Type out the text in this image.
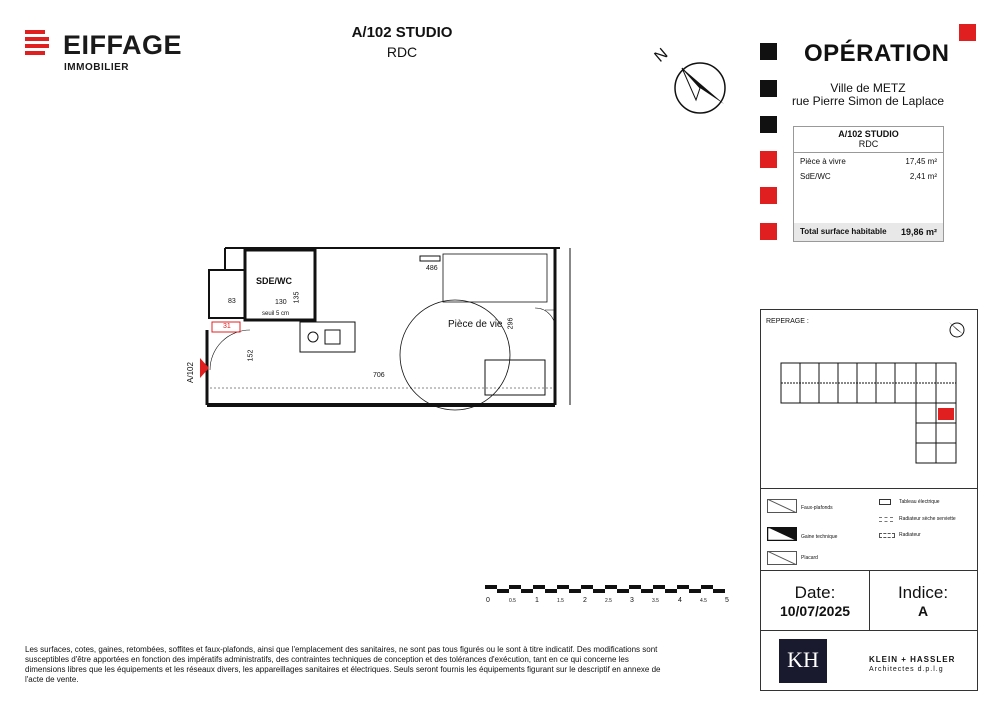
EIFFAGE
IMMOBILIER
A/102 STUDIO
RDC	N	OPÉRATION
Ville de METZ
rue Pierre Simon de Laplace
A/102 STUDIO
RDC
Pièce à vivre	17,45 m²
SdE/WC	2,41 m²
Total surface habitable 19,86 m²
Pièce de vie
SDE/WC
486
706
296
130 135
83
152
seuil 5 cm
A/102
31
0	0.5	1	1.5	2	2.5	3	3.5	4	4.5	5
REPERAGE :
Faux-plafonds
Gaine technique
Placard
Tableau électrique
Radiateur sèche serviette
Radiateur
Date:
10/07/2025
Indice:
A
KH	KLEIN + HASSLER
Architectes d.p.l.g
Les surfaces, cotes, gaines, retombées, soffites et faux-plafonds, ainsi que l'emplacement des sanitaires, ne sont pas tous figurés ou le sont à titre indicatif. Des modifications sont susceptibles d'être apportées en fonction des impératifs administratifs, des contraintes techniques de conception et des tolérances d'exécution, tant en ce qui concerne les dimensions libres que les équipements et les réseaux divers, les appareillages sanitaires et électriques. Seuls seront fournis les équipements figurant sur le descriptif en annexe de l'acte de vente.
